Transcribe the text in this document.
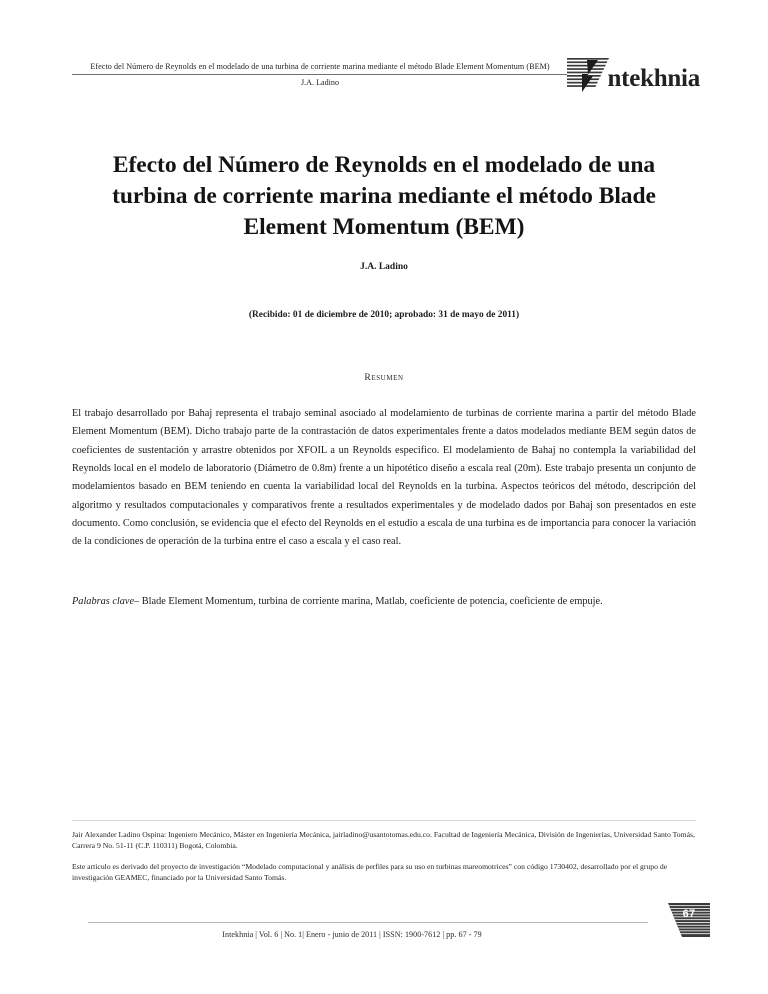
Efecto del Número de Reynolds en el modelado de una turbina de corriente marina mediante el método Blade Element Momentum (BEM)
J.A. Ladino	ntekhnia
Efecto del Número de Reynolds en el modelado de una turbina de corriente marina mediante el método Blade Element Momentum (BEM)
J.A. Ladino
(Recibido: 01 de diciembre de 2010; aprobado: 31 de mayo de 2011)
Resumen
El trabajo desarrollado por Bahaj representa el trabajo seminal asociado al modelamiento de turbinas de corriente marina a partir del método Blade Element Momentum (BEM). Dicho trabajo parte de la contrastación de datos experimentales frente a datos modelados mediante BEM según datos de coeficientes de sustentación y arrastre obtenidos por XFOIL a un Reynolds especifico. El modelamiento de Bahaj no contempla la variabilidad del Reynolds local en el modelo de laboratorio (Diámetro de 0.8m) frente a un hipotético diseño a escala real (20m). Este trabajo presenta un conjunto de modelamientos basado en BEM teniendo en cuenta la variabilidad local del Reynolds en la turbina. Aspectos teóricos del método, descripción del algoritmo y resultados computacionales y comparativos frente a resultados experimentales y de modelado dados por Bahaj son presentados en este documento. Como conclusión, se evidencia que el efecto del Reynolds en el estudio a escala de una turbina es de importancia para conocer la variación de la condiciones de operación de la turbina entre el caso a escala y el caso real.
Palabras clave– Blade Element Momentum, turbina de corriente marina, Matlab, coeficiente de potencia, coeficiente de empuje.

Jair Alexander Ladino Ospina: Ingeniero Mecánico, Máster en Ingeniería Mecánica, jairladino@usantotomas.edu.co. Facultad de Ingeniería Mecánica, División de Ingenierías, Universidad Santo Tomás, Carrera 9 No. 51-11 (C.P. 110311) Bogotá, Colombia.

Este articulo es derivado del proyecto de investigación “Modelado computacional y análisis de perfiles para su uso en turbinas mareomotrices” con código 1730402, desarrollado por el grupo de investigación GEAMEC, financiado por la Universidad Santo Tomás.

Intekhnia | Vol. 6 | No. 1| Enero - junio de 2011 | ISSN: 1900-7612 | pp. 67 - 79
67
